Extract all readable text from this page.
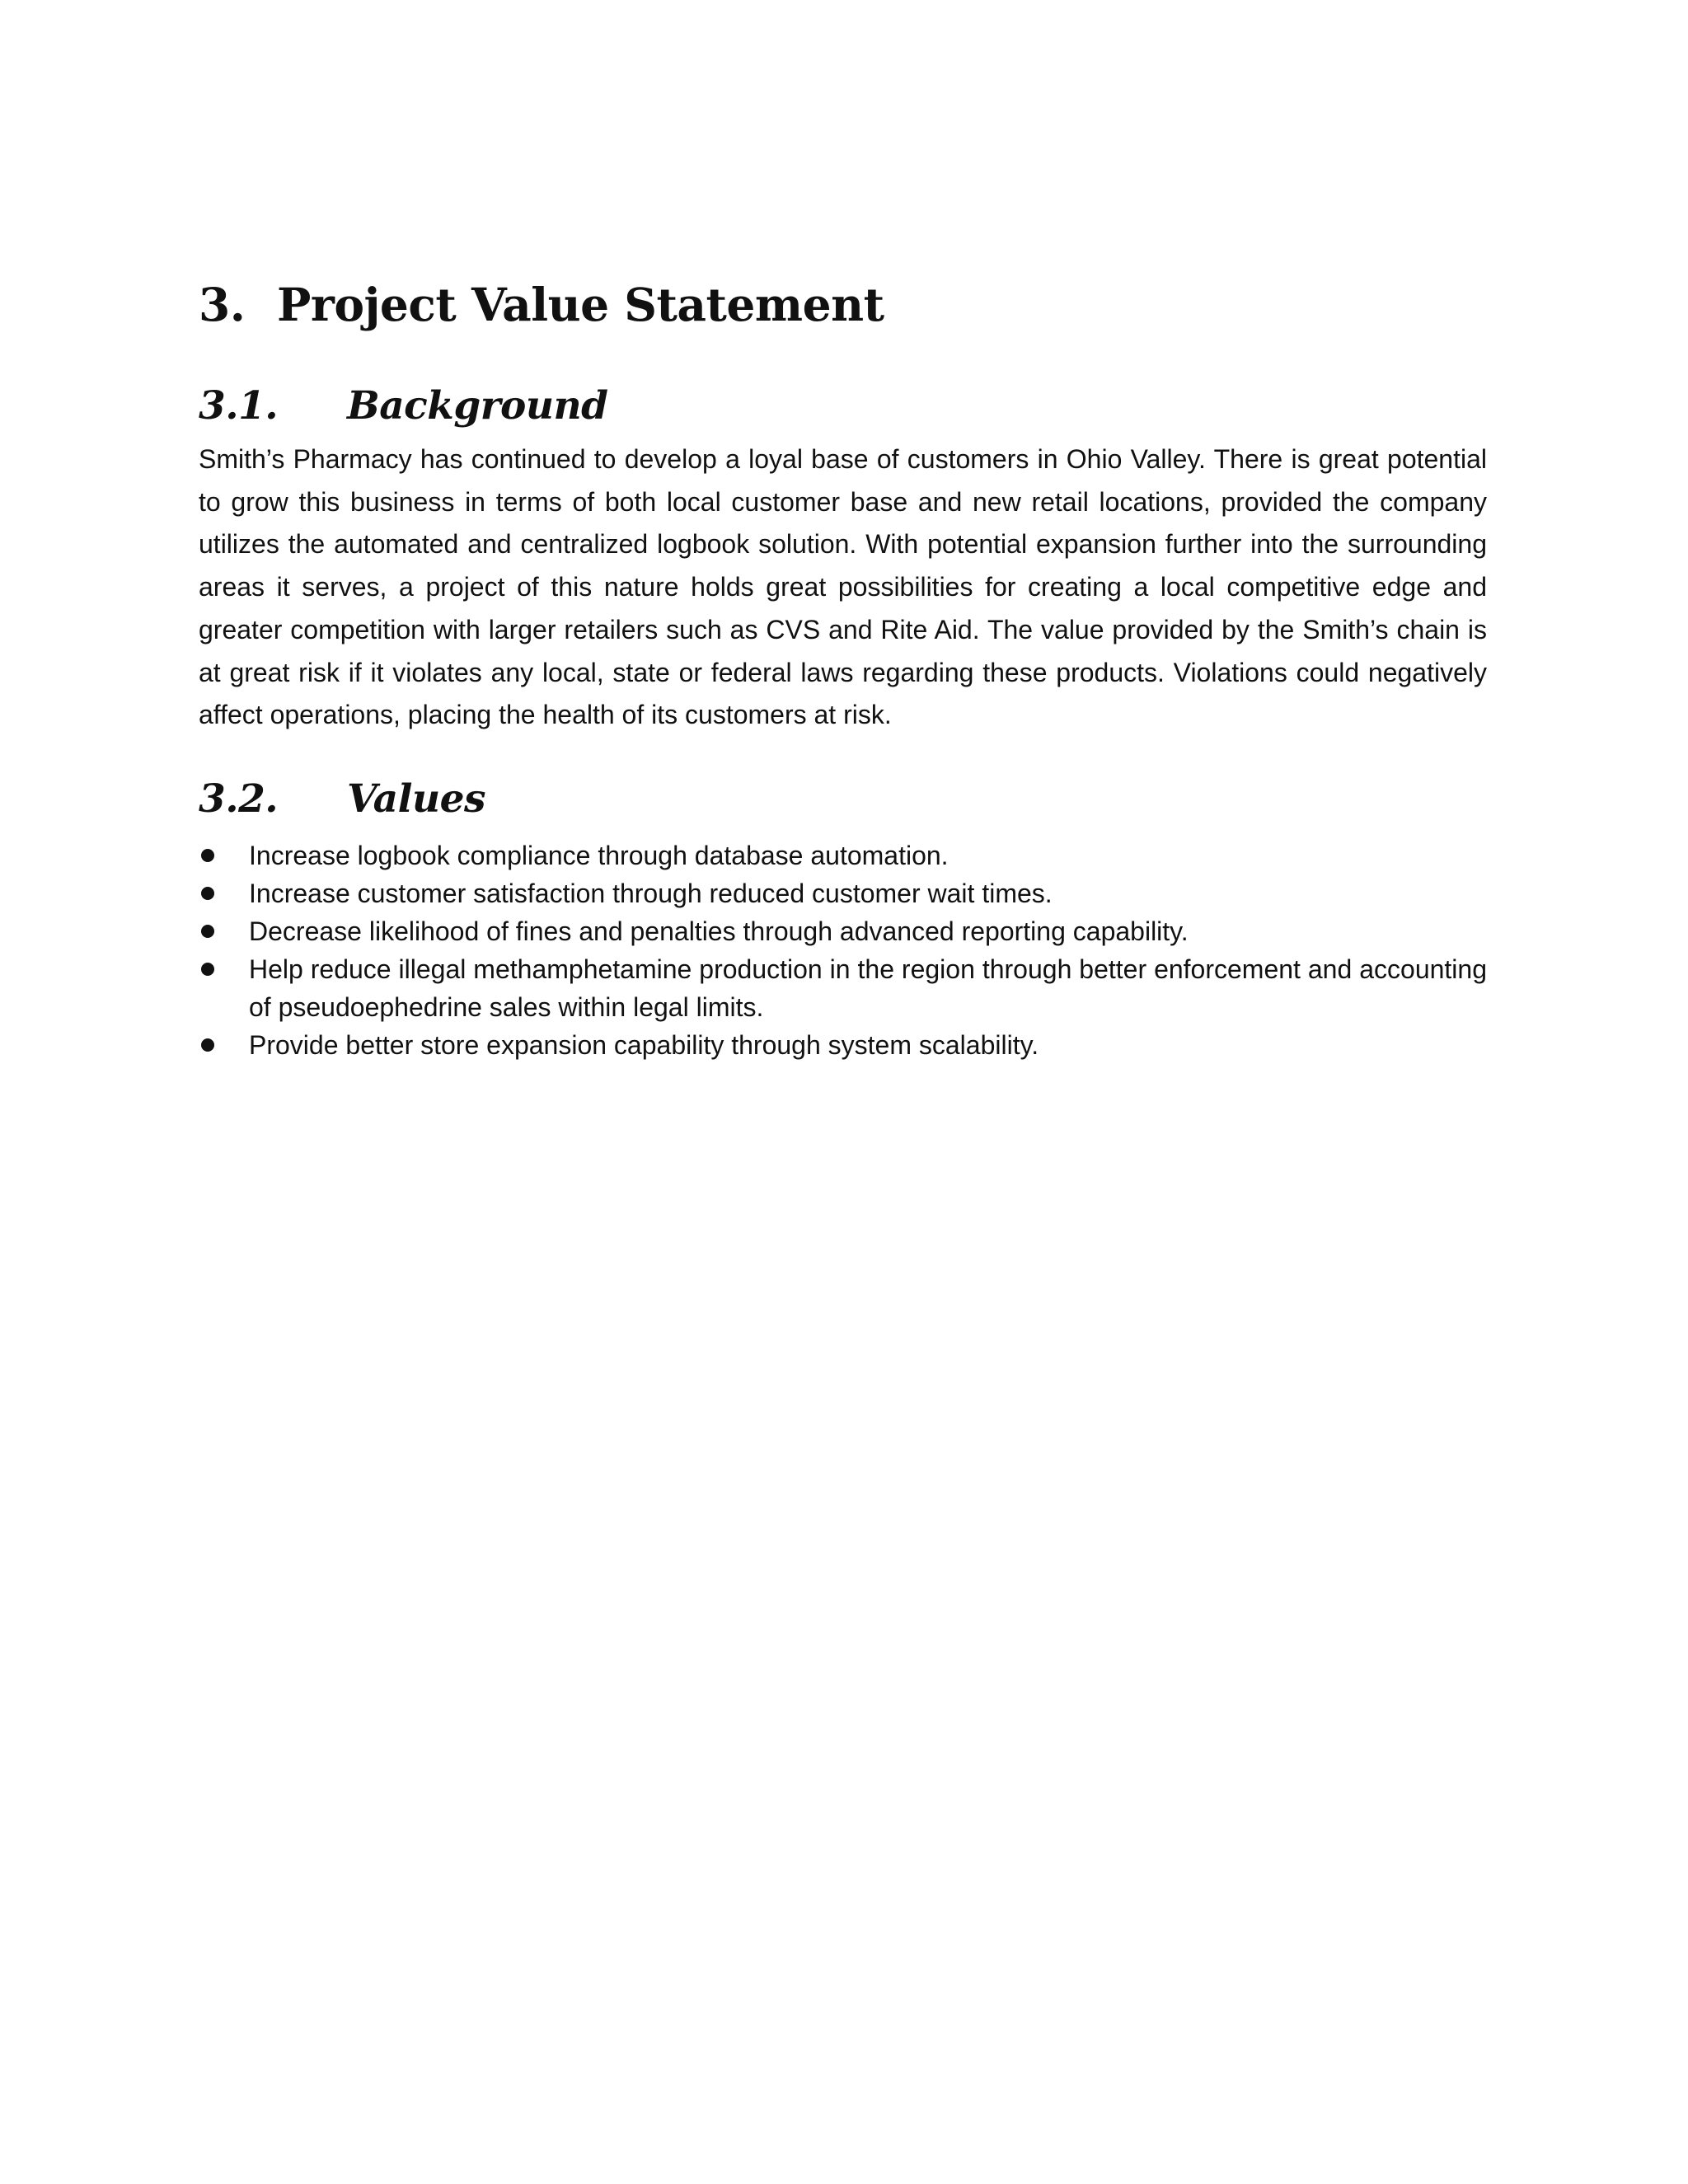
3. Project Value Statement
3.1.	Background

Smith’s Pharmacy has continued to develop a loyal base of customers in Ohio Valley. There is great potential to grow this business in terms of both local customer base and new retail locations, provided the company utilizes the automated and centralized logbook solution. With potential expansion further into the surrounding areas it serves, a project of this nature holds great possibilities for creating a local competitive edge and greater competition with larger retailers such as CVS and Rite Aid. The value provided by the Smith’s chain is at great risk if it violates any local, state or federal laws regarding these products. Violations could negatively affect operations, placing the health of its customers at risk.

3.2.	Values
Increase logbook compliance through database automation.
Increase customer satisfaction through reduced customer wait times.
Decrease likelihood of fines and penalties through advanced reporting capability.
Help reduce illegal methamphetamine production in the region through better enforcement and accounting of pseudoephedrine sales within legal limits.
Provide better store expansion capability through system scalability.
